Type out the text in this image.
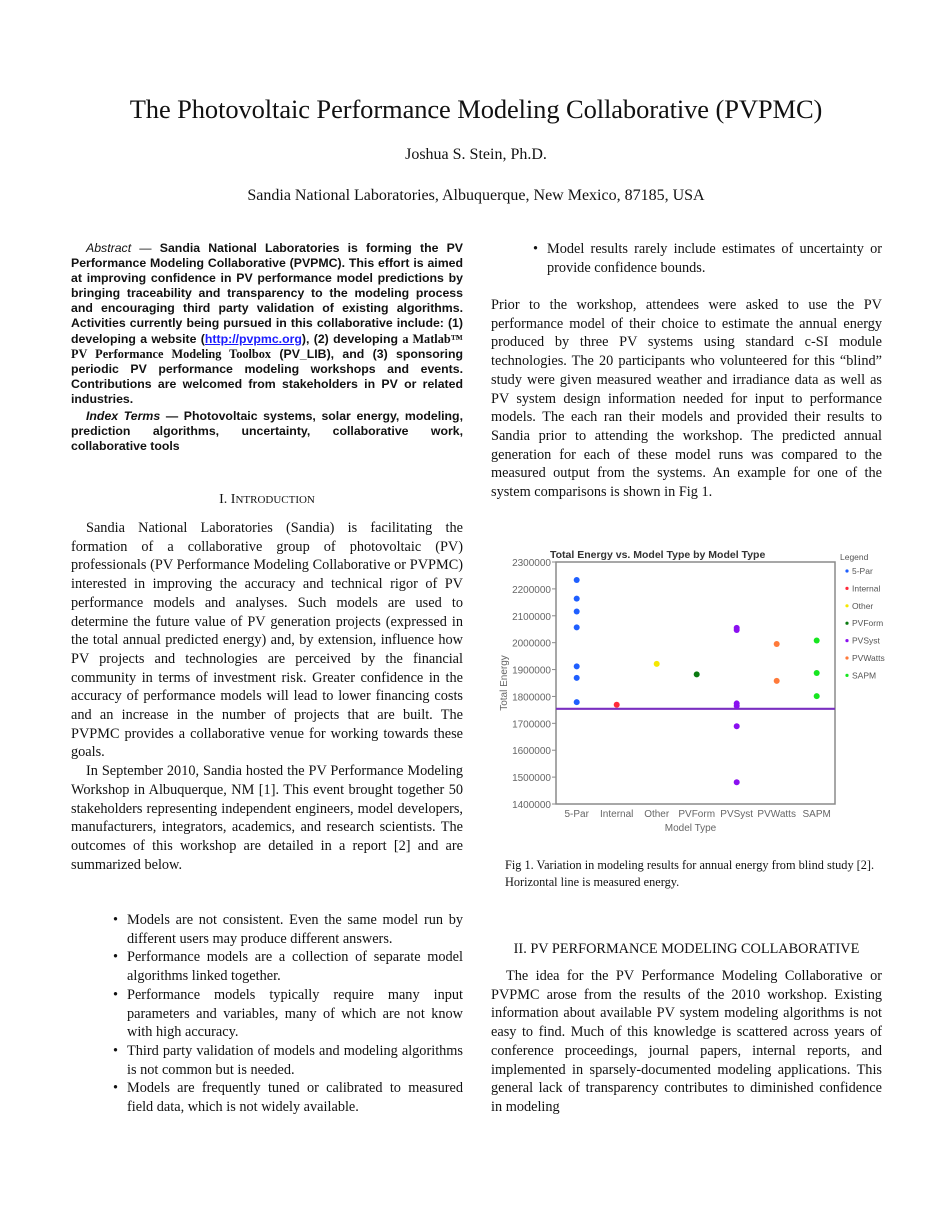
The Photovoltaic Performance Modeling Collaborative (PVPMC)
Joshua S. Stein, Ph.D.
Sandia National Laboratories, Albuquerque, New Mexico, 87185, USA

Abstract — Sandia National Laboratories is forming the PV Performance Modeling Collaborative (PVPMC). This effort is aimed at improving confidence in PV performance model predictions by bringing traceability and transparency to the modeling process and encouraging third party validation of existing algorithms. Activities currently being pursued in this collaborative include: (1) developing a website (http://pvpmc.org), (2) developing a Matlab™ PV Performance Modeling Toolbox (PV_LIB), and (3) sponsoring periodic PV performance modeling workshops and events. Contributions are welcomed from stakeholders in PV or related industries.

Index Terms — Photovoltaic systems, solar energy, modeling, prediction algorithms, uncertainty, collaborative work, collaborative tools

I. INTRODUCTION

Sandia National Laboratories (Sandia) is facilitating the formation of a collaborative group of photovoltaic (PV) professionals (PV Performance Modeling Collaborative or PVPMC) interested in improving the accuracy and technical rigor of PV performance models and analyses. Such models are used to determine the future value of PV generation projects (expressed in the total annual predicted energy) and, by extension, influence how PV projects and technologies are perceived by the financial community in terms of investment risk. Greater confidence in the accuracy of performance models will lead to lower financing costs and an increase in the number of projects that are built. The PVPMC provides a collaborative venue for working towards these goals.

In September 2010, Sandia hosted the PV Performance Modeling Workshop in Albuquerque, NM [1]. This event brought together 50 stakeholders representing independent engineers, model developers, manufacturers, integrators, academics, and research scientists. The outcomes of this workshop are detailed in a report [2] and are summarized below.

• Models are not consistent. Even the same model run by different users may produce different answers.
• Performance models are a collection of separate model algorithms linked together.
• Performance models typically require many input parameters and variables, many of which are not know with high accuracy.
• Third party validation of models and modeling algorithms is not common but is needed.
• Models are frequently tuned or calibrated to measured field data, which is not widely available.
• Model results rarely include estimates of uncertainty or provide confidence bounds.

Prior to the workshop, attendees were asked to use the PV performance model of their choice to estimate the annual energy produced by three PV systems using standard c-SI module technologies. The 20 participants who volunteered for this “blind” study were given measured weather and irradiance data as well as PV system design information needed for input to performance models. The each ran their models and provided their results to Sandia prior to attending the workshop. The predicted annual generation for each of these model runs was compared to the measured output from the systems. An example for one of the system comparisons is shown in Fig 1.

Total Energy vs. Model Type by Model Type
1400000
1500000
1600000
1700000
1800000
1900000
2000000
2100000
2200000
2300000
Total Energy
5-Par Internal Other PVForm PVSyst PVWatts SAPM
Model Type
Legend
5-Par
Internal
Other
PVForm
PVSyst
PVWatts
SAPM
Fig 1. Variation in modeling results for annual energy from blind study [2]. Horizontal line is measured energy.
II. PV PERFORMANCE MODELING COLLABORATIVE

The idea for the PV Performance Modeling Collaborative or PVPMC arose from the results of the 2010 workshop. Existing information about available PV system modeling algorithms is not easy to find. Much of this knowledge is scattered across years of conference proceedings, journal papers, internal reports, and implemented in sparsely-documented modeling applications. This general lack of transparency contributes to diminished confidence in modeling
